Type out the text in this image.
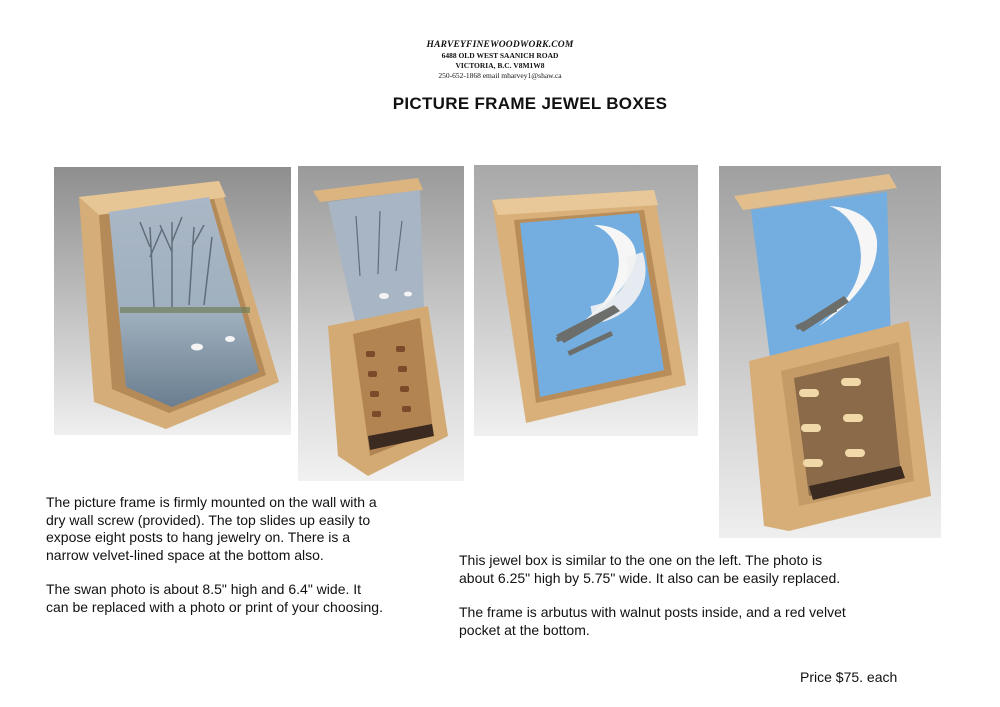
HARVEYFINEWOODWORK.COM
6488 OLD WEST SAANICH ROAD
VICTORIA, B.C. V8M1W8
250-652-1868 email mharvey1@shaw.ca
PICTURE FRAME JEWEL BOXES
The picture frame is firmly mounted on the wall with a
dry wall screw (provided). The top slides up easily to
expose eight posts to hang jewelry on. There is a
narrow velvet-lined space at the bottom also.
The swan photo is about 8.5" high and 6.4" wide. It
can be replaced with a photo or print of your choosing.
This jewel box is similar to the one on the left. The photo is
about 6.25" high by 5.75" wide. It also can be easily replaced.
The frame is arbutus with walnut posts inside, and a red velvet
pocket at the bottom.
Price $75. each
